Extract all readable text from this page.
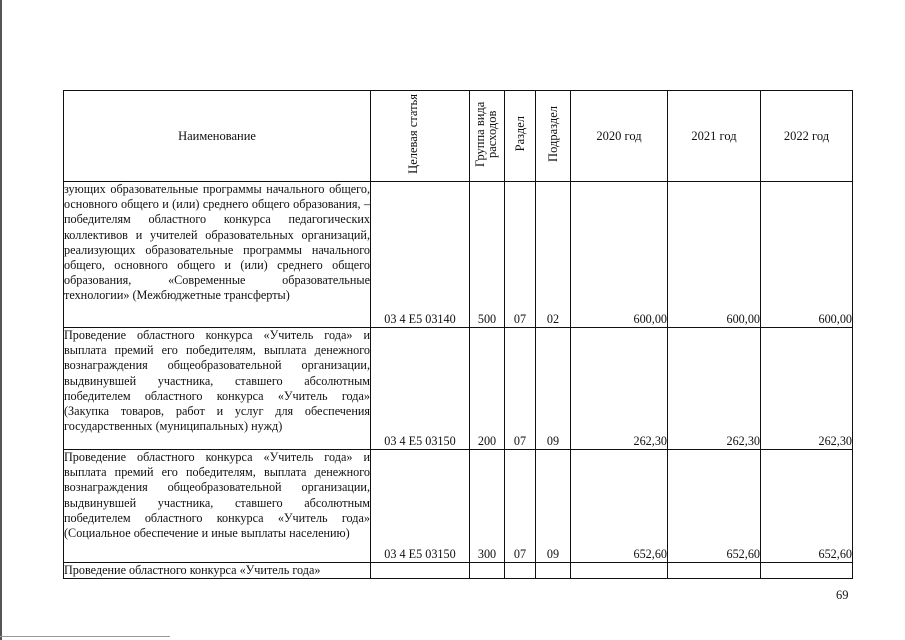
Наименование	Целевая статья	Группа вида расходов	Раздел	Подраздел	2020 год	2021 год	2022 год

зующих образовательные программы начального общего, основного общего и (или) среднего общего образования, – победителям областного конкурса педагогических коллективов и учителей образовательных организаций, реализующих образовательные программы начального общего, основного общего и (или) среднего общего образования, «Современные образовательные технологии» (Межбюджетные трансферты)	03 4 E5 03140	500	07	02	600,00	600,00	600,00

Проведение областного конкурса «Учитель года» и выплата премий его победителям, выплата денежного вознаграждения общеобразовательной организации, выдвинувшей участника, ставшего абсолютным победителем областного конкурса «Учитель года» (Закупка товаров, работ и услуг для обеспечения государственных (муниципальных) нужд)	03 4 E5 03150	200	07	09	262,30	262,30	262,30

Проведение областного конкурса «Учитель года» и выплата премий его победителям, выплата денежного вознаграждения общеобразовательной организации, выдвинувшей участника, ставшего абсолютным победителем областного конкурса «Учитель года» (Социальное обеспечение и иные выплаты населению)	03 4 E5 03150	300	07	09	652,60	652,60	652,60

Проведение областного конкурса «Учитель года»							

69
